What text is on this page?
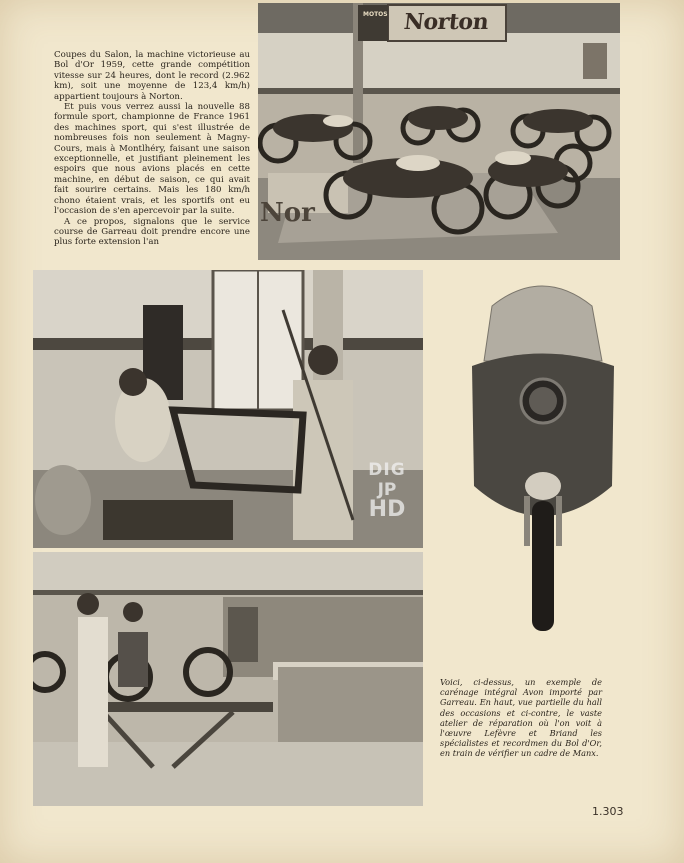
Coupes du Salon, la machine victorieuse au Bol d'Or 1959, cette grande compétition vitesse sur 24 heures, dont le record (2.962 km), soit une moyenne de 123,4 km/h) appartient toujours à Norton.

Et puis vous verrez aussi la nouvelle 88 formule sport, championne de France 1961 des machines sport, qui s'est illustrée de nombreuses fois non seulement à Magny-Cours, mais à Montlhéry, faisant une saison exceptionnelle, et justifiant pleinement les espoirs que nous avions placés en cette machine, en début de saison, ce qui avait fait sourire certains. Mais les 180 km/h chono étaient vrais, et les sportifs ont eu l'occasion de s'en apercevoir par la suite.

A ce propos, signalons que le service course de Garreau doit prendre encore une plus forte extension l'an

Nor
MOTOS Norton
DIG
JP
HD
Voici, ci-dessus, un exemple de carénage intégral Avon importé par Garreau. En haut, vue partielle du hall des occasions et ci-contre, le vaste atelier de réparation où l'on voit à l'œuvre Lefèvre et Briand les spécialistes et recordmen du Bol d'Or, en train de vérifier un cadre de Manx.
1.303
